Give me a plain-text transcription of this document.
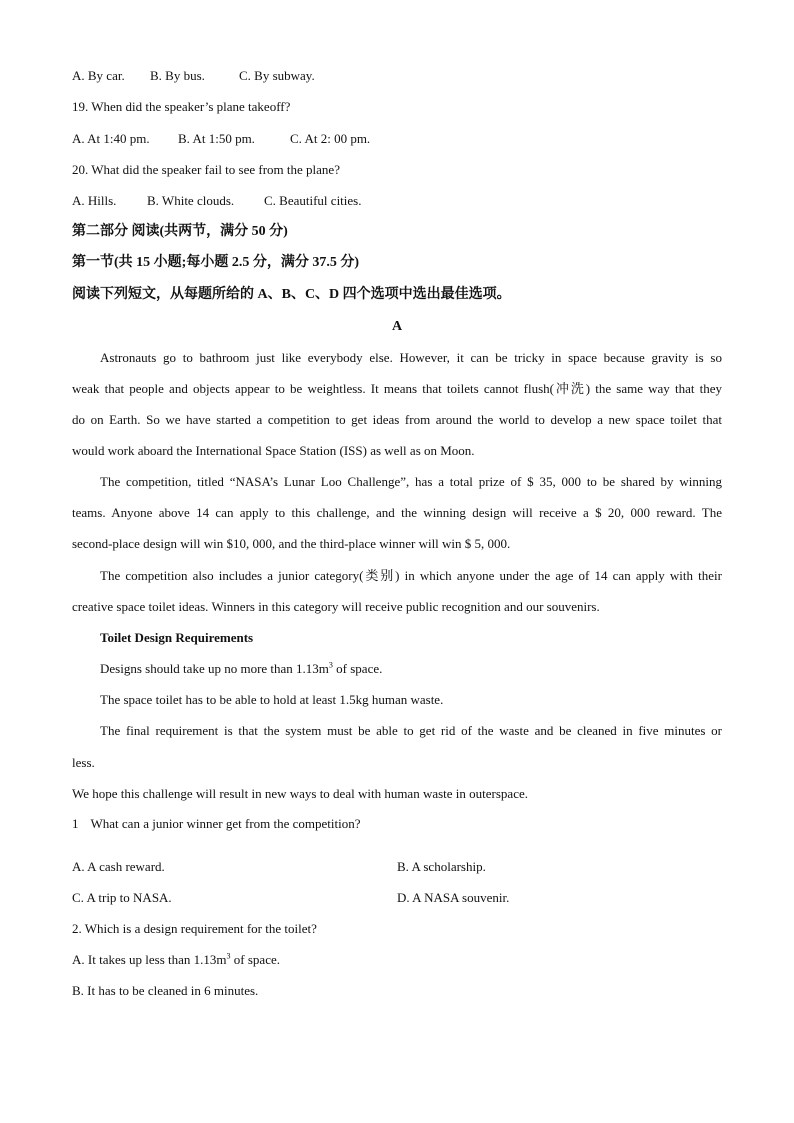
A. By car. B. By bus.	C. By subway.
19. When did the speaker’s plane takeoff?
A. At 1:40 pm. B. At 1:50 pm.	C. At 2: 00 pm.
20. What did the speaker fail to see from the plane?
A. Hills. B. White clouds. C. Beautiful cities.
第二部分 阅读(共两节，满分 50 分)
第一节(共 15 小题;每小题 2.5 分，满分 37.5 分)
阅读下列短文，从每题所给的 A、B、C、D 四个选项中选出最佳选项。
A
Astronauts go to bathroom just like everybody else. However, it can be tricky in space because gravity is so
weak that people and objects appear to be weightless. It means that toilets cannot flush(冲洗) the same way that they
do on Earth. So we have started a competition to get ideas from around the world to develop a new space toilet that
would work aboard the International Space Station (ISS) as well as on Moon.
The competition, titled “NASA’s Lunar Loo Challenge”, has a total prize of $ 35, 000 to be shared by winning
teams. Anyone above 14 can apply to this challenge, and the winning design will receive a $ 20, 000 reward. The
second-place design will win $10, 000, and the third-place winner will win $ 5, 000.
The competition also includes a junior category(类别) in which anyone under the age of 14 can apply with their
creative space toilet ideas. Winners in this category will receive public recognition and our souvenirs.
Toilet Design Requirements
Designs should take up no more than $1.13m^3$ of space.
The space toilet has to be able to hold at least 1.5kg human waste.
The final requirement is that the system must be able to get rid of the waste and be cleaned in five minutes or
less.
We hope this challenge will result in new ways to deal with human waste in outerspace.
1 What can a junior winner get from the competition?
A. A cash reward.	B. A scholarship.
C. A trip to NASA.	D. A NASA souvenir.
2. Which is a design requirement for the toilet?
A. It takes up less than $1.13m^3$ of space.
B. It has to be cleaned in 6 minutes.
